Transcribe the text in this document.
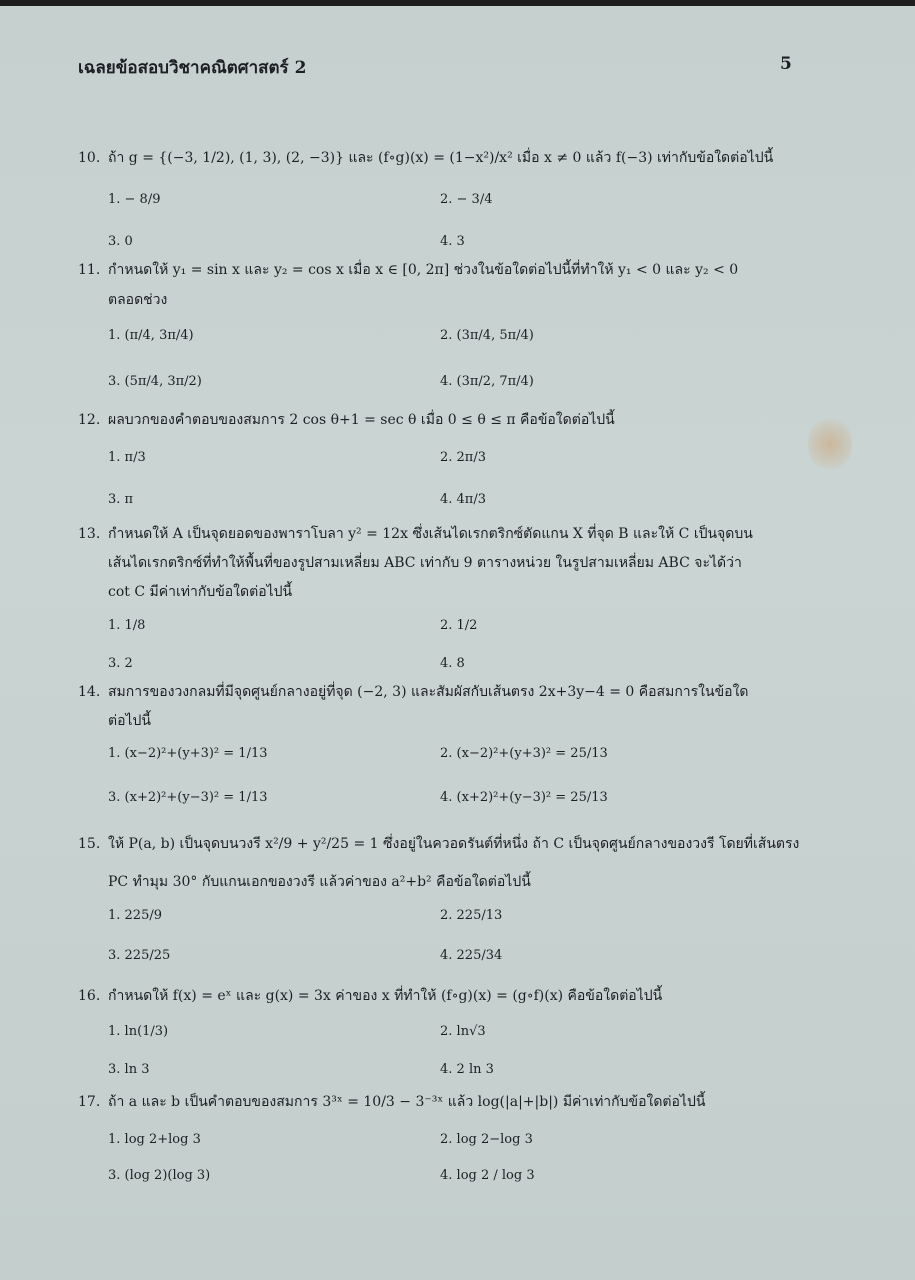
เฉลยข้อสอบวิชาคณิตศาสตร์ 2	5
10. ถ้า g = {(−3, 1/2), (1, 3), (2, −3)} และ (f∘g)(x) = (1−x²)/x² เมื่อ x ≠ 0 แล้ว f(−3) เท่ากับข้อใดต่อไปนี้
1. − 8/9	2. − 3/4
3. 0	4. 3
11. กำหนดให้ y₁ = sin x และ y₂ = cos x เมื่อ x ∈ [0, 2π] ช่วงในข้อใดต่อไปนี้ที่ทำให้ y₁ < 0 และ y₂ < 0
ตลอดช่วง
1. (π/4, 3π/4)	2. (3π/4, 5π/4)
3. (5π/4, 3π/2)	4. (3π/2, 7π/4)
12. ผลบวกของคำตอบของสมการ 2 cos θ+1 = sec θ เมื่อ 0 ≤ θ ≤ π คือข้อใดต่อไปนี้
1. π/3	2. 2π/3
3. π	4. 4π/3
13. กำหนดให้ A เป็นจุดยอดของพาราโบลา y² = 12x ซึ่งเส้นไดเรกตริกซ์ตัดแกน X ที่จุด B และให้ C เป็นจุดบน
เส้นไดเรกตริกซ์ที่ทำให้พื้นที่ของรูปสามเหลี่ยม ABC เท่ากับ 9 ตารางหน่วย ในรูปสามเหลี่ยม ABC จะได้ว่า
cot C มีค่าเท่ากับข้อใดต่อไปนี้
1. 1/8	2. 1/2
3. 2	4. 8
14. สมการของวงกลมที่มีจุดศูนย์กลางอยู่ที่จุด (−2, 3) และสัมผัสกับเส้นตรง 2x+3y−4 = 0 คือสมการในข้อใด
ต่อไปนี้
1. (x−2)²+(y+3)² = 1/13	2. (x−2)²+(y+3)² = 25/13
3. (x+2)²+(y−3)² = 1/13	4. (x+2)²+(y−3)² = 25/13
15. ให้ P(a, b) เป็นจุดบนวงรี x²/9 + y²/25 = 1 ซึ่งอยู่ในควอดรันต์ที่หนึ่ง ถ้า C เป็นจุดศูนย์กลางของวงรี โดยที่เส้นตรง
PC ทำมุม 30° กับแกนเอกของวงรี แล้วค่าของ a²+b² คือข้อใดต่อไปนี้
1. 225/9	2. 225/13
3. 225/25	4. 225/34
16. กำหนดให้ f(x) = eˣ และ g(x) = 3x ค่าของ x ที่ทำให้ (f∘g)(x) = (g∘f)(x) คือข้อใดต่อไปนี้
1. ln(1/3)	2. ln√3
3. ln 3	4. 2 ln 3
17. ถ้า a และ b เป็นคำตอบของสมการ 3³ˣ = 10/3 − 3⁻³ˣ แล้ว log(|a|+|b|) มีค่าเท่ากับข้อใดต่อไปนี้
1. log 2+log 3	2. log 2−log 3
3. (log 2)(log 3)	4. log 2 / log 3
